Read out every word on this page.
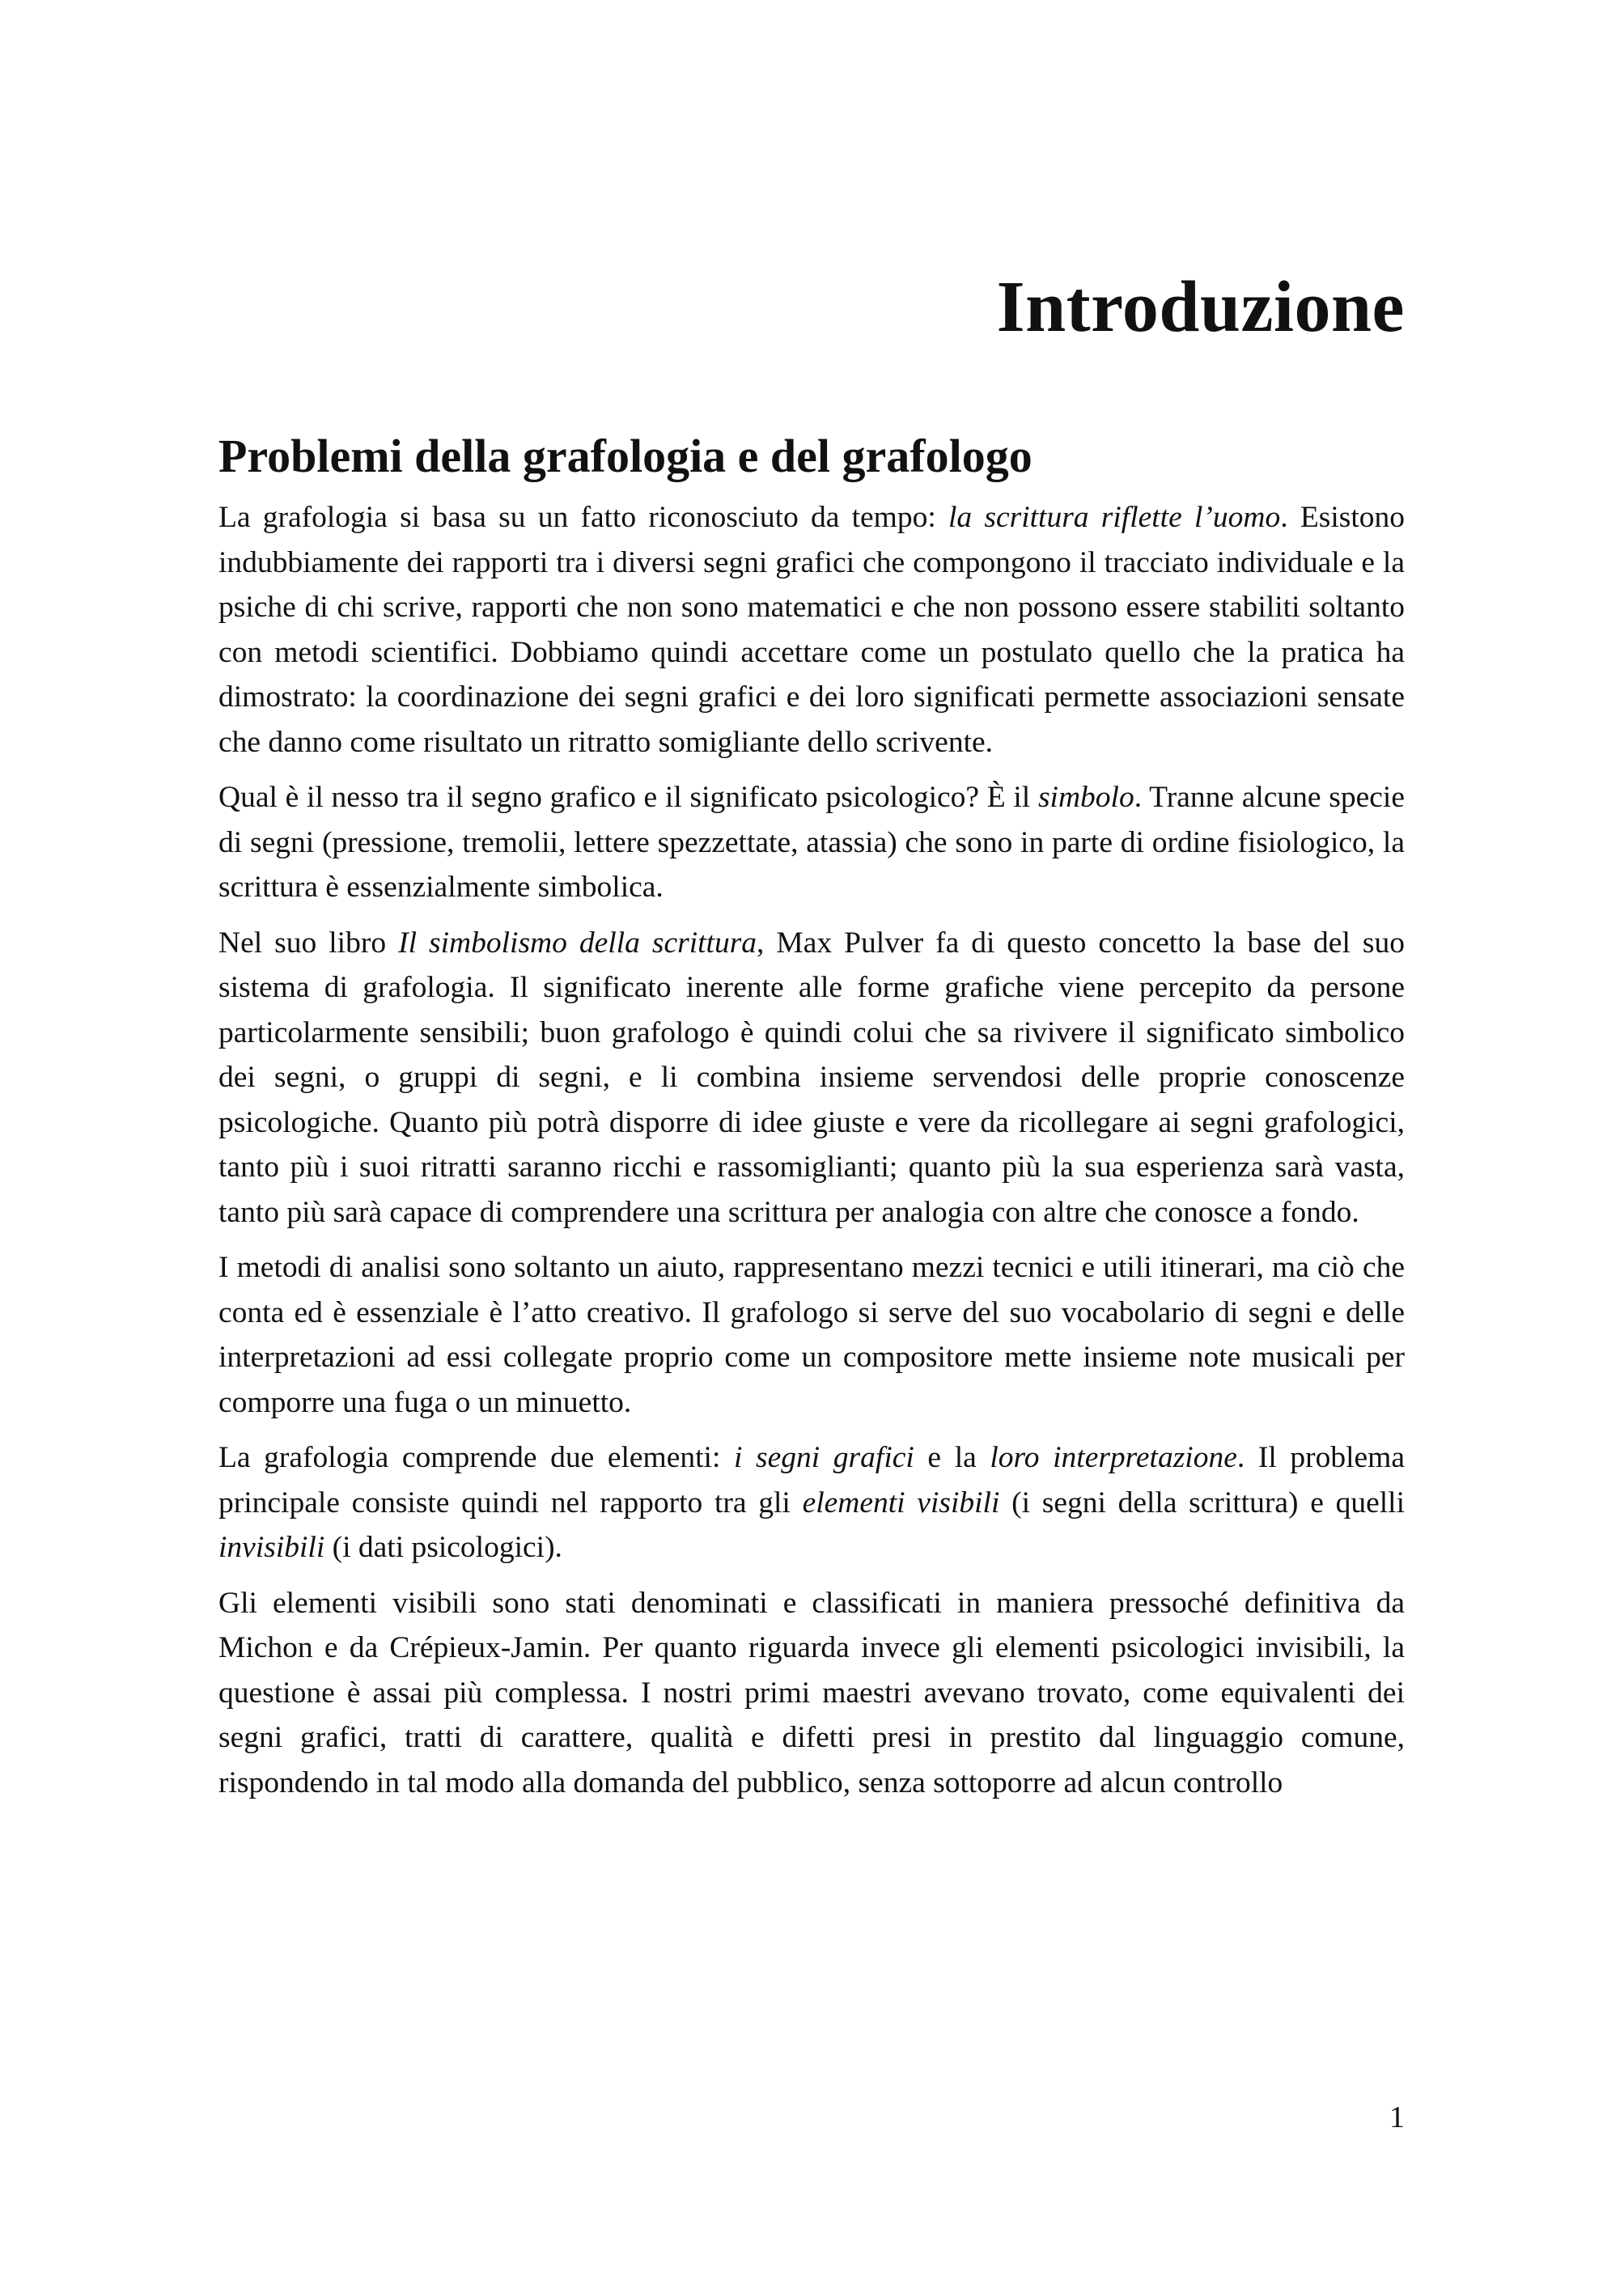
Introduzione
Problemi della grafologia e del grafologo

La grafologia si basa su un fatto riconosciuto da tempo: la scrittura riflette l’uomo. Esistono indubbiamente dei rapporti tra i diversi segni grafici che compongono il tracciato individuale e la psiche di chi scrive, rapporti che non sono matematici e che non possono essere stabiliti soltanto con metodi scientifici. Dobbiamo quindi accettare come un postulato quello che la pratica ha dimostrato: la coordinazione dei segni grafici e dei loro significati permette associazioni sensate che danno come risultato un ritratto somigliante dello scrivente.

Qual è il nesso tra il segno grafico e il significato psicologico? È il simbolo. Tranne alcune specie di segni (pressione, tremolii, lettere spezzettate, atassia) che sono in parte di ordine fisiologico, la scrittura è essenzialmente simbolica.

Nel suo libro Il simbolismo della scrittura, Max Pulver fa di questo concetto la base del suo sistema di grafologia. Il significato inerente alle forme grafiche viene percepito da persone particolarmente sensibili; buon grafologo è quindi colui che sa rivivere il significato simbolico dei segni, o gruppi di segni, e li combina insieme servendosi delle proprie conoscenze psicologiche. Quanto più potrà disporre di idee giuste e vere da ricollegare ai segni grafologici, tanto più i suoi ritratti saranno ricchi e rassomiglianti; quanto più la sua esperienza sarà vasta, tanto più sarà capace di comprendere una scrittura per analogia con altre che conosce a fondo.

I metodi di analisi sono soltanto un aiuto, rappresentano mezzi tecnici e utili itinerari, ma ciò che conta ed è essenziale è l’atto creativo. Il grafologo si serve del suo vocabolario di segni e delle interpretazioni ad essi collegate proprio come un compositore mette insieme note musicali per comporre una fuga o un minuetto.

La grafologia comprende due elementi: i segni grafici e la loro interpretazione. Il problema principale consiste quindi nel rapporto tra gli elementi visibili (i segni della scrittura) e quelli invisibili (i dati psicologici).

Gli elementi visibili sono stati denominati e classificati in maniera pressoché definitiva da Michon e da Crépieux-Jamin. Per quanto riguarda invece gli elementi psicologici invisibili, la questione è assai più complessa. I nostri primi maestri avevano trovato, come equivalenti dei segni grafici, tratti di carattere, qualità e difetti presi in prestito dal linguaggio comune, rispondendo in tal modo alla domanda del pubblico, senza sottoporre ad alcun controllo

1
